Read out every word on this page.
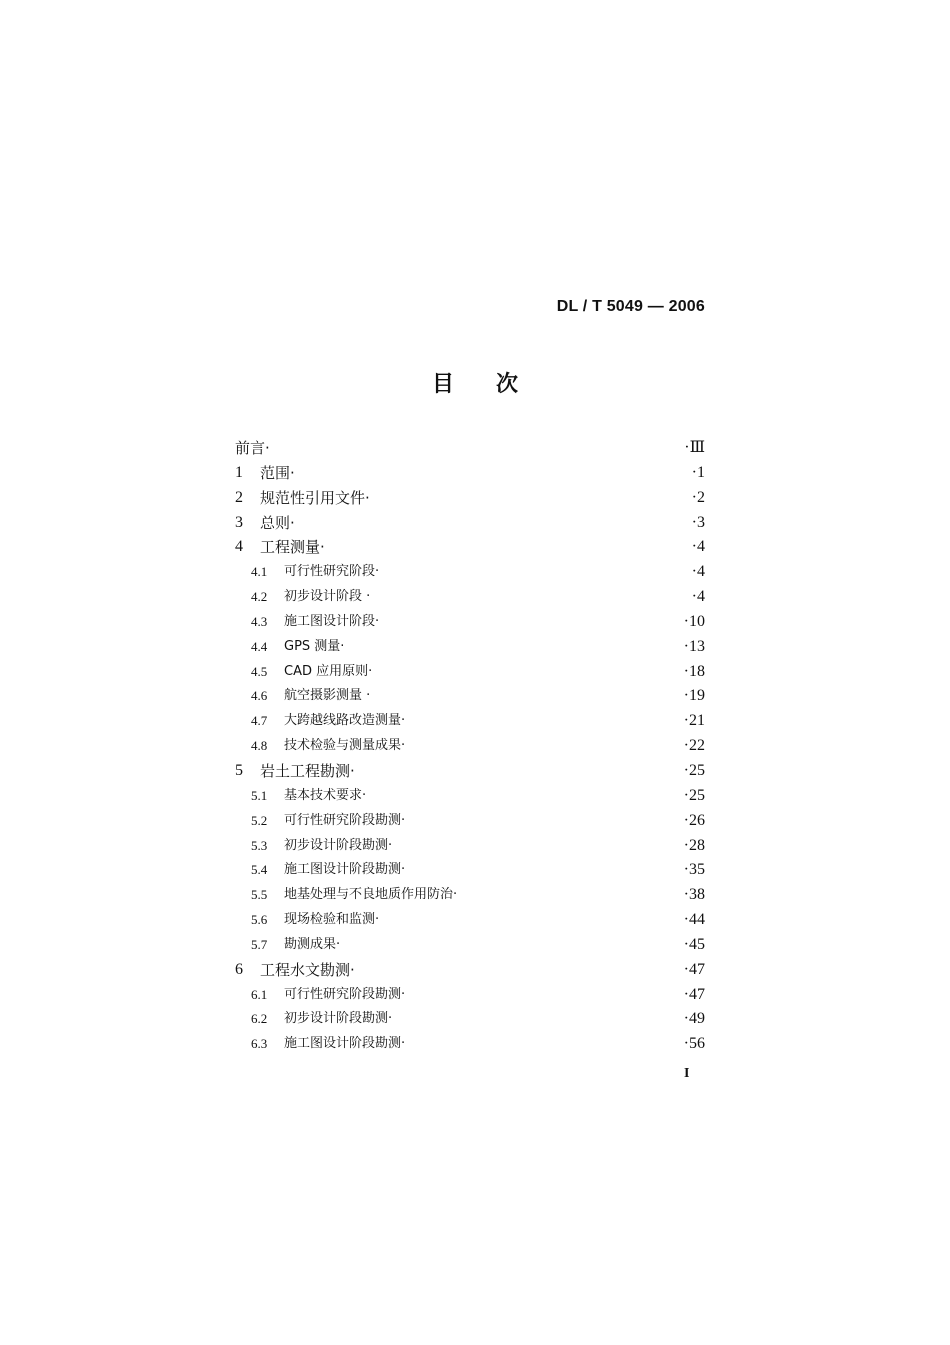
DL / T 5049 — 2006
目 次
前言·	·Ⅲ
1 范围·	·1
2 规范性引用文件·	·2
3 总则·	·3
4 工程测量·	·4
4.1 可行性研究阶段·	·4
4.2 初步设计阶段 ·	·4
4.3 施工图设计阶段·	·10
4.4 GPS 测量·	·13
4.5 CAD 应用原则·	·18
4.6 航空摄影测量 ·	·19
4.7 大跨越线路改造测量·	·21
4.8 技术检验与测量成果·	·22
5 岩土工程勘测·	·25
5.1 基本技术要求·	·25
5.2 可行性研究阶段勘测·	·26
5.3 初步设计阶段勘测·	·28
5.4 施工图设计阶段勘测·	·35
5.5 地基处理与不良地质作用防治·	·38
5.6 现场检验和监测·	·44
5.7 勘测成果·	·45
6 工程水文勘测·	·47
6.1 可行性研究阶段勘测·	·47
6.2 初步设计阶段勘测·	·49
6.3 施工图设计阶段勘测·	·56
I
